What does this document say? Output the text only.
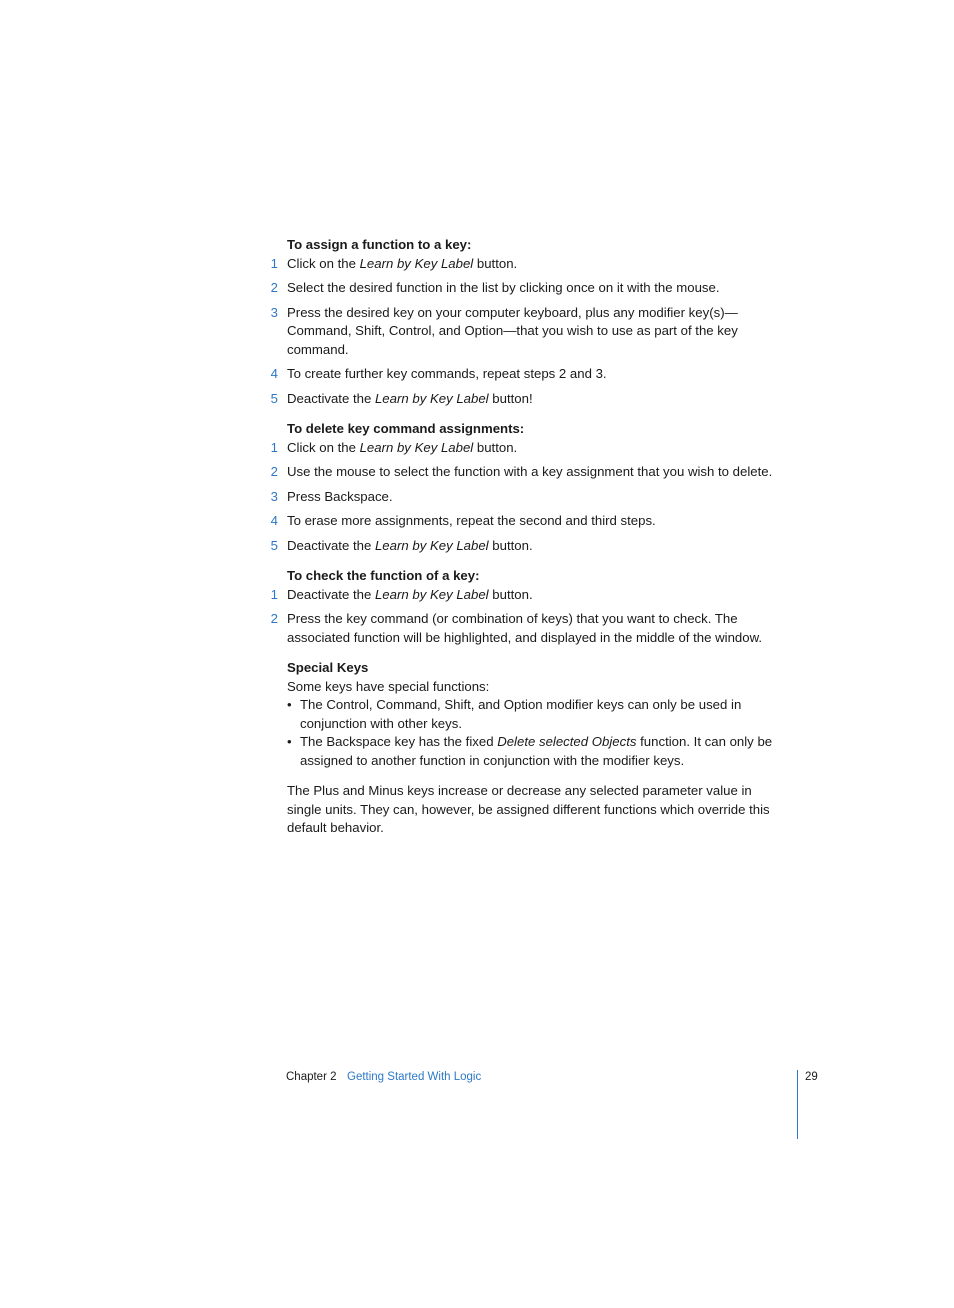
To assign a function to a key:

1 Click on the Learn by Key Label button.
2 Select the desired function in the list by clicking once on it with the mouse.
3 Press the desired key on your computer keyboard, plus any modifier key(s)—Command, Shift, Control, and Option—that you wish to use as part of the key command.
4 To create further key commands, repeat steps 2 and 3.
5 Deactivate the Learn by Key Label button!

To delete key command assignments:

1 Click on the Learn by Key Label button.
2 Use the mouse to select the function with a key assignment that you wish to delete.
3 Press Backspace.
4 To erase more assignments, repeat the second and third steps.
5 Deactivate the Learn by Key Label button.

To check the function of a key:

1 Deactivate the Learn by Key Label button.
2 Press the key command (or combination of keys) that you want to check. The associated function will be highlighted, and displayed in the middle of the window.

Special Keys

Some keys have special functions:

• The Control, Command, Shift, and Option modifier keys can only be used in conjunction with other keys.
• The Backspace key has the fixed Delete selected Objects function. It can only be assigned to another function in conjunction with the modifier keys.

The Plus and Minus keys increase or decrease any selected parameter value in single units. They can, however, be assigned different functions which override this default behavior.

Chapter 2 Getting Started With Logic	29
